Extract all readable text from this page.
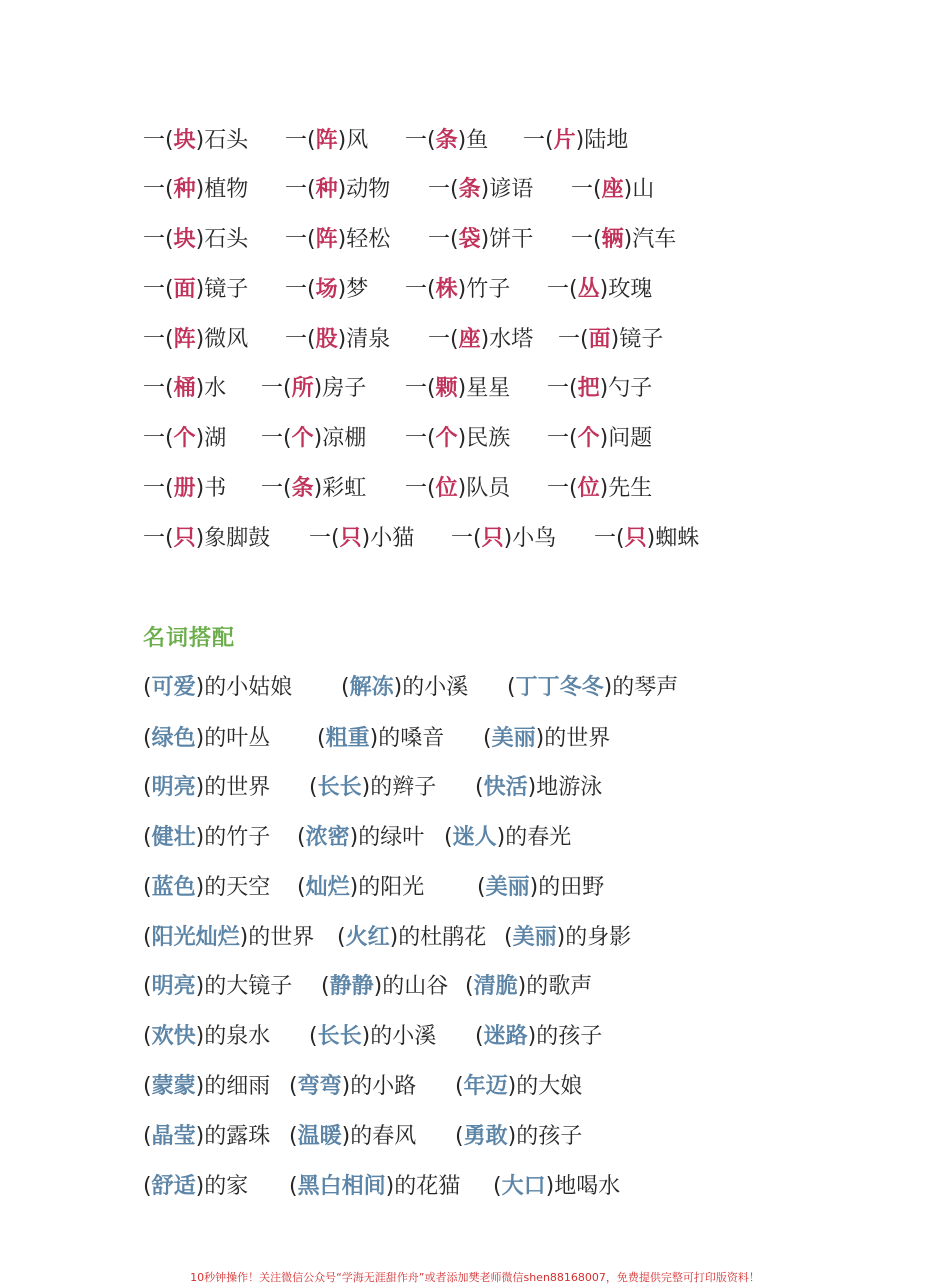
一(块)石头 一(阵)风 一(条)鱼 一(片)陆地
一(种)植物 一(种)动物 一(条)谚语 一(座)山
一(块)石头 一(阵)轻松 一(袋)饼干 一(辆)汽车
一(面)镜子 一(场)梦 一(株)竹子 一(丛)玫瑰
一(阵)微风 一(股)清泉 一(座)水塔 一(面)镜子
一(桶)水 一(所)房子 一(颗)星星 一(把)勺子
一(个)湖 一(个)凉棚 一(个)民族 一(个)问题
一(册)书 一(条)彩虹 一(位)队员 一(位)先生
一(只)象脚鼓 一(只)小猫 一(只)小鸟 一(只)蜘蛛
名词搭配
(可爱)的小姑娘 (解冻)的小溪 (丁丁冬冬)的琴声
(绿色)的叶丛 (粗重)的嗓音 (美丽)的世界
(明亮)的世界 (长长)的辫子 (快活)地游泳
(健壮)的竹子 (浓密)的绿叶 (迷人)的春光
(蓝色)的天空 (灿烂)的阳光 (美丽)的田野
(阳光灿烂)的世界 (火红)的杜鹃花 (美丽)的身影
(明亮)的大镜子 (静静)的山谷 (清脆)的歌声
(欢快)的泉水 (长长)的小溪 (迷路)的孩子
(蒙蒙)的细雨 (弯弯)的小路 (年迈)的大娘
(晶莹)的露珠 (温暖)的春风 (勇敢)的孩子
(舒适)的家 (黑白相间)的花猫 (大口)地喝水
10秒钟操作！关注微信公众号“学海无涯甜作舟”或者添加樊老师微信shen88168007，免费提供完整可打印版资料！
